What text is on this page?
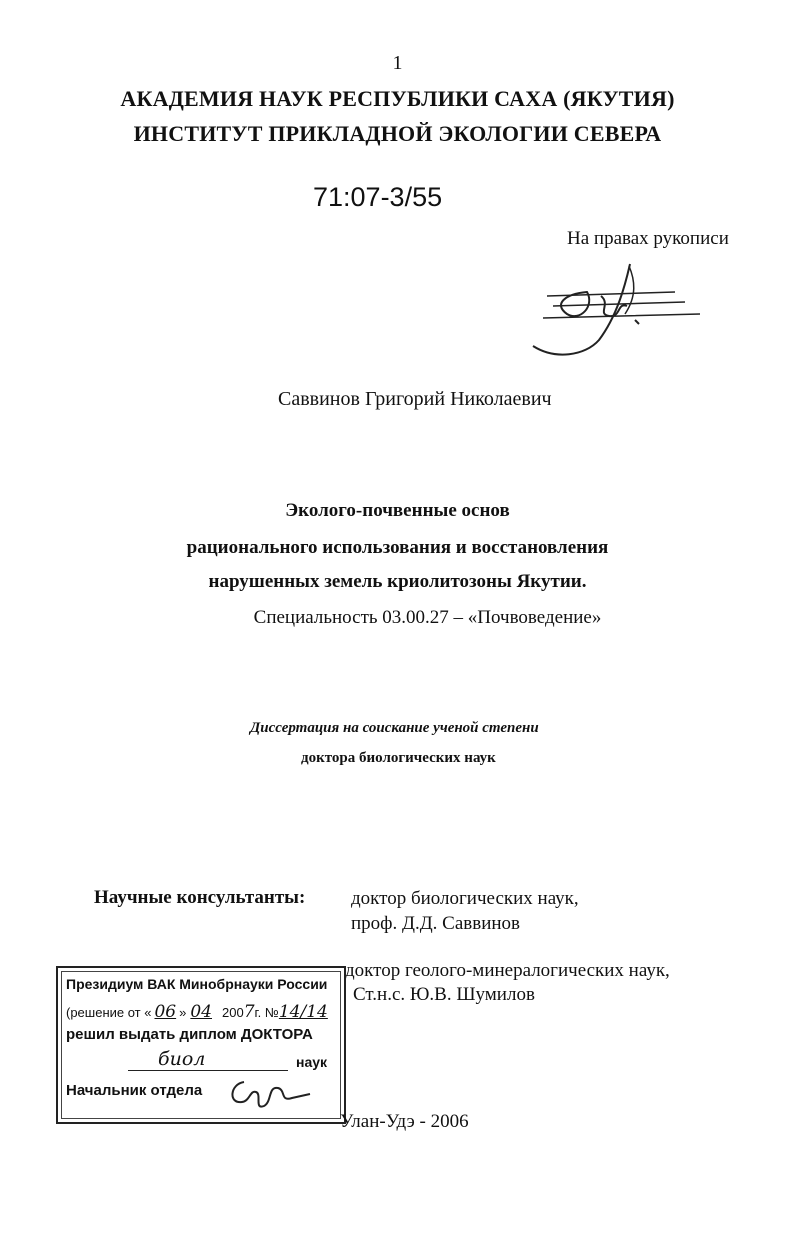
1
АКАДЕМИЯ НАУК РЕСПУБЛИКИ САХА (ЯКУТИЯ)
ИНСТИТУТ ПРИКЛАДНОЙ ЭКОЛОГИИ СЕВЕРА
71:07-3/55
На правах рукописи
Саввинов Григорий Николаевич
Эколого-почвенные основ
рационального использования и восстановления
нарушенных земель криолитозоны Якутии.
Специальность 03.00.27 – «Почвоведение»
Диссертация на соискание ученой степени
доктора биологических наук
Научные консультанты: доктор биологических наук,
проф. Д.Д. Саввинов
доктор геолого-минералогических наук,
Ст.н.с. Ю.В. Шумилов
Президиум ВАК Минобрнауки России
(решение от « 06 » 04 2007г. №14/14
решил выдать диплом ДОКТОРА
биол	наук
Начальник отдела
Улан-Удэ - 2006
